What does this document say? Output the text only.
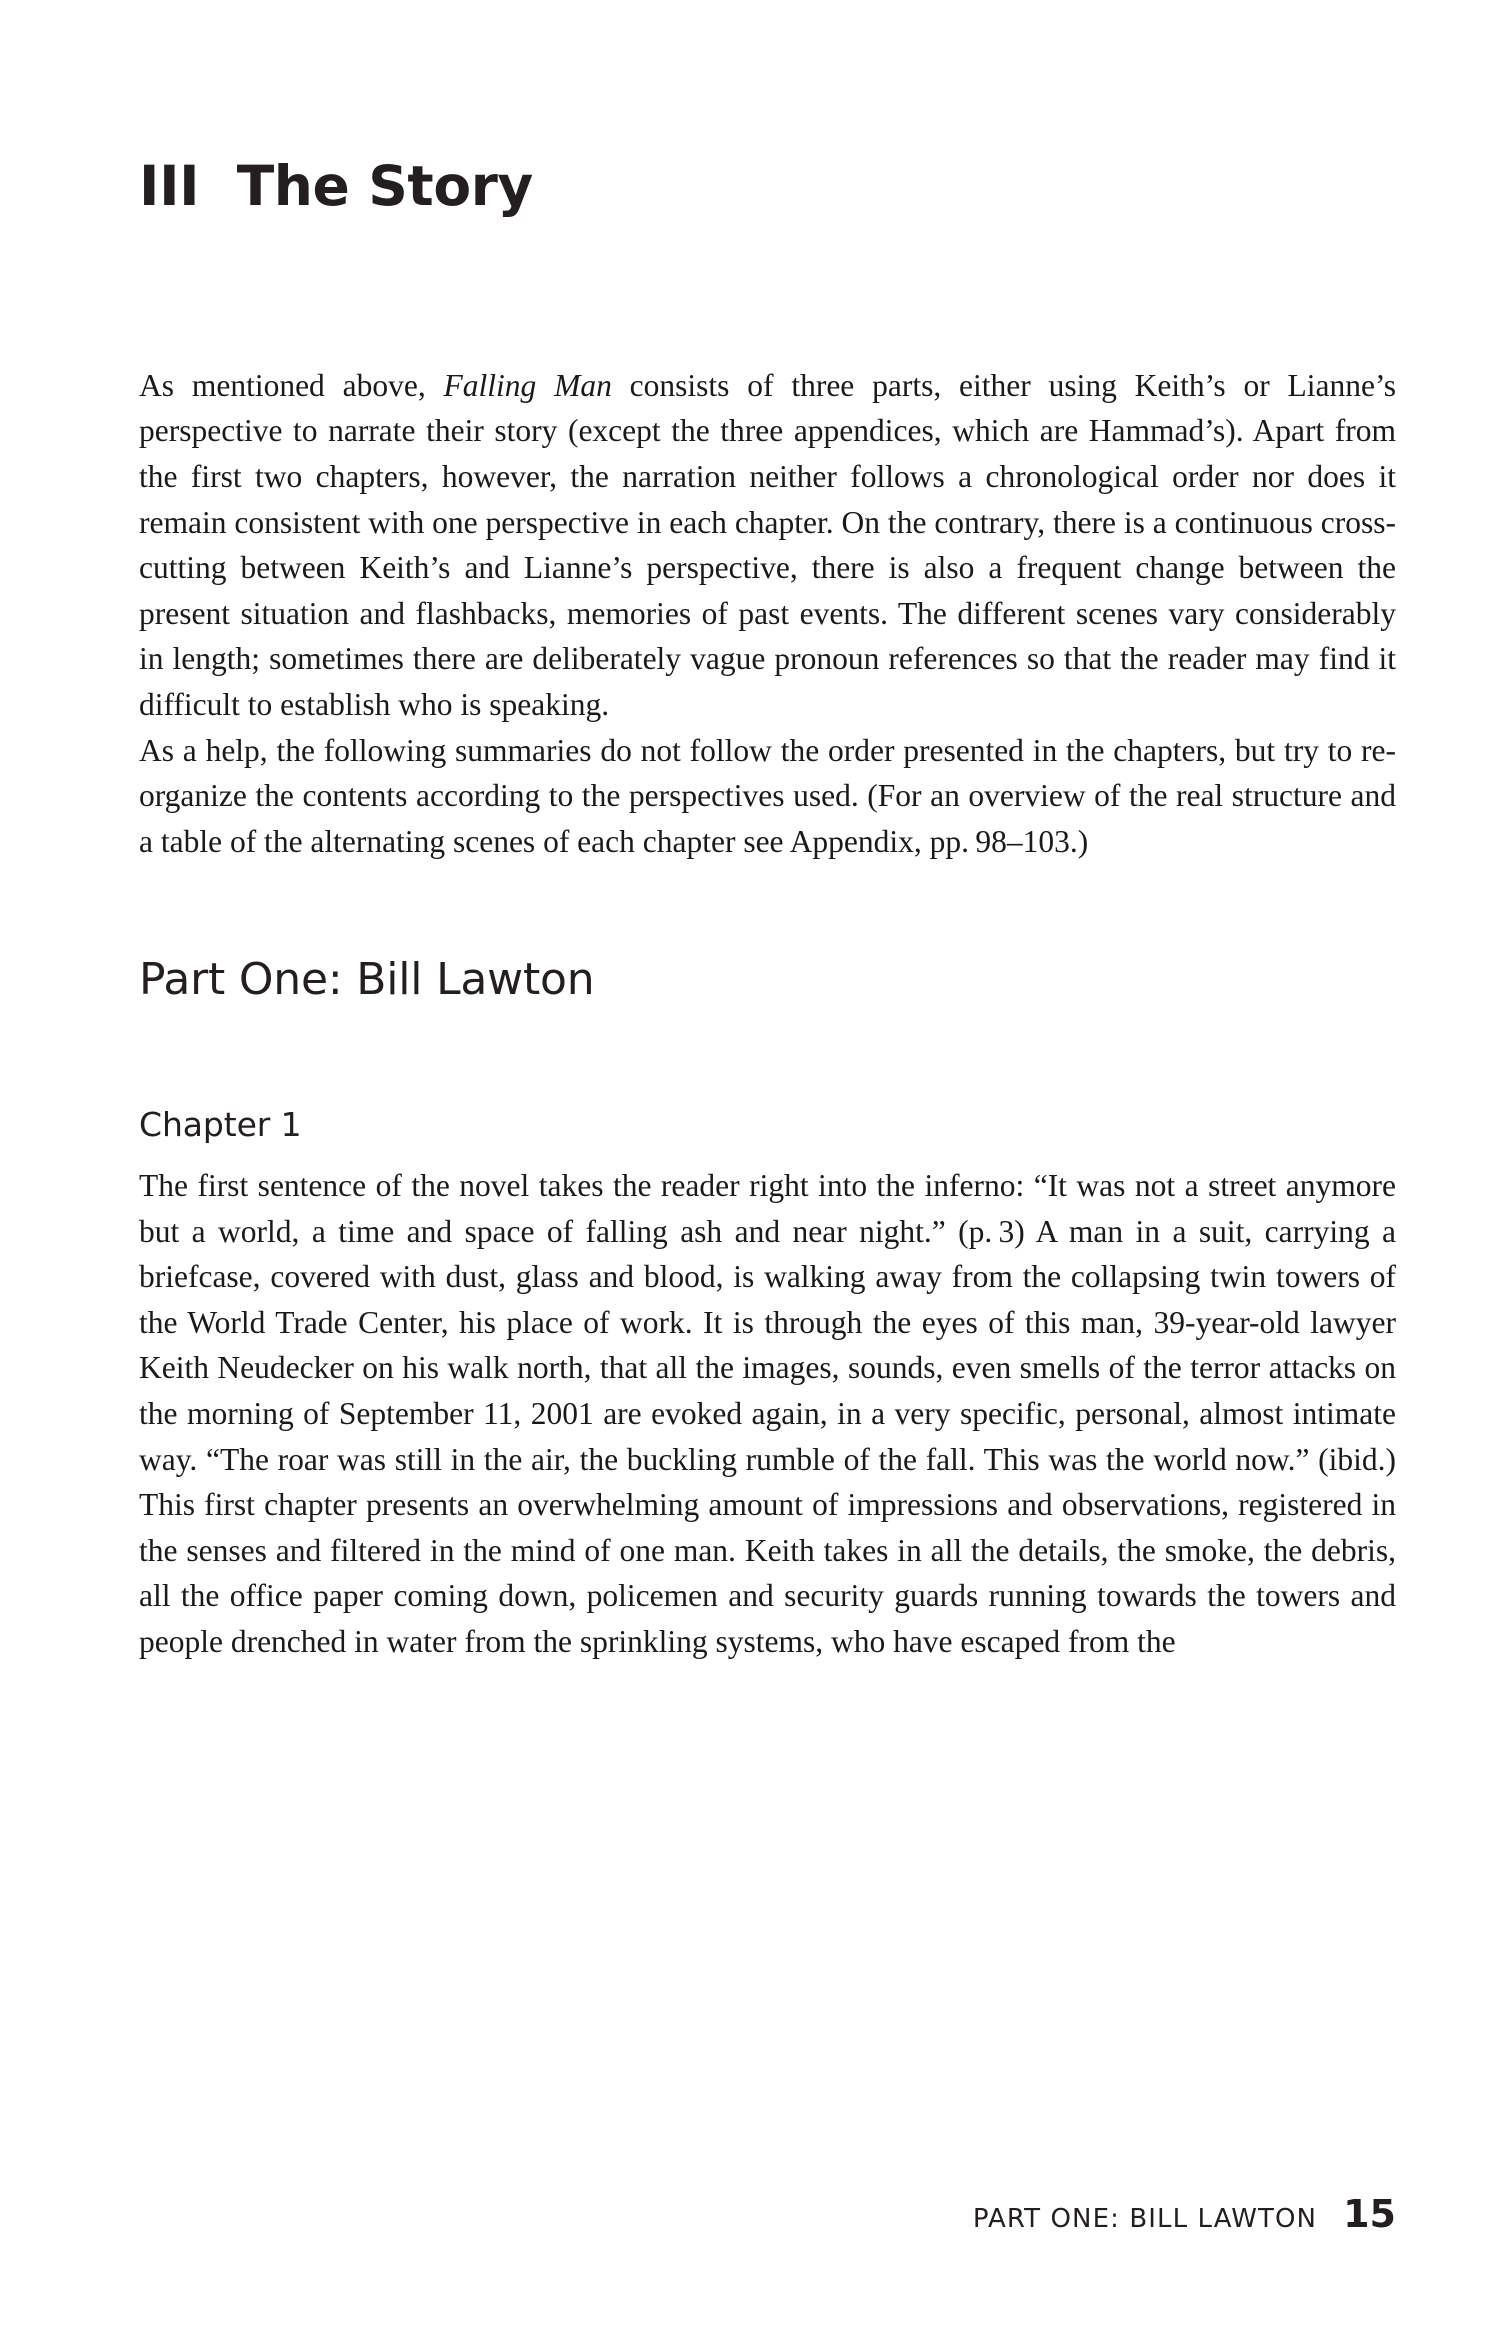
III  The Story

As mentioned above, Falling Man consists of three parts, either using Keith’s or Lianne’s perspective to narrate their story (except the three appendices, which are Hammad’s). Apart from the first two chapters, however, the narration neither follows a chronological order nor does it remain consistent with one perspective in each chapter. On the contrary, there is a continuous cross-cutting between Keith’s and Lianne’s perspective, there is also a frequent change between the present situation and flashbacks, memories of past events. The different scenes vary considerably in length; sometimes there are deliberately vague pronoun references so that the reader may find it difficult to establish who is speaking.

As a help, the following summaries do not follow the order presented in the chapters, but try to re-organize the contents according to the perspectives used. (For an overview of the real structure and a table of the alternating scenes of each chapter see Appendix, pp. 98–103.)

Part One: Bill Lawton
Chapter 1

The first sentence of the novel takes the reader right into the inferno: “It was not a street anymore but a world, a time and space of falling ash and near night.” (p. 3) A man in a suit, carrying a briefcase, covered with dust, glass and blood, is walking away from the collapsing twin towers of the World Trade Center, his place of work. It is through the eyes of this man, 39-year-old lawyer Keith Neudecker on his walk north, that all the images, sounds, even smells of the terror attacks on the morning of September 11, 2001 are evoked again, in a very specific, personal, almost intimate way. “The roar was still in the air, the buckling rumble of the fall. This was the world now.” (ibid.) This first chapter presents an overwhelming amount of impressions and observations, registered in the senses and filtered in the mind of one man. Keith takes in all the details, the smoke, the debris, all the office paper coming down, policemen and security guards running towards the towers and people drenched in water from the sprinkling systems, who have escaped from the

PART ONE: BILL LAWTON 15
